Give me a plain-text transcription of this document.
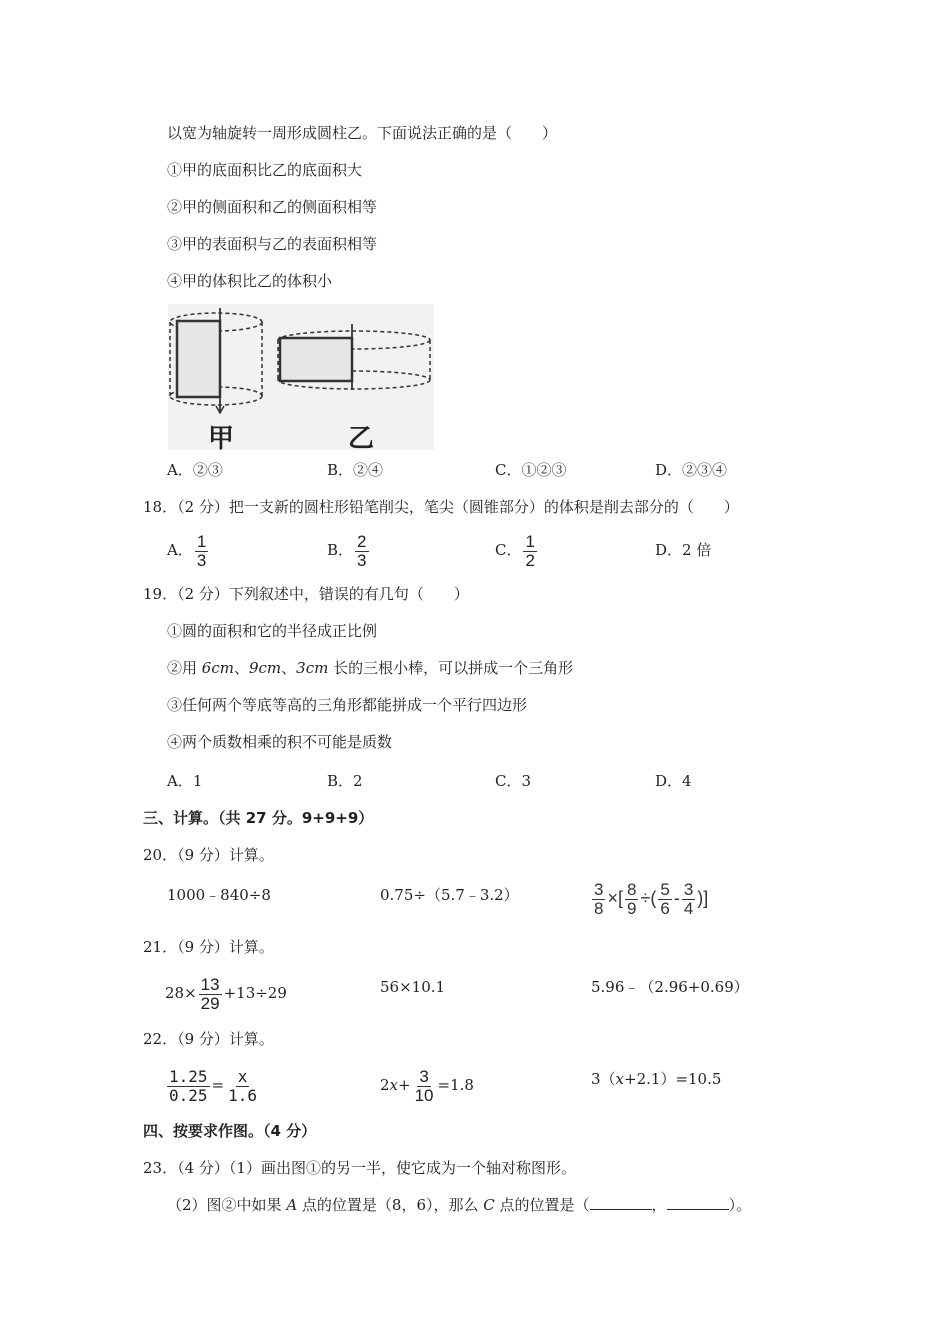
以宽为轴旋转一周形成圆柱乙。下面说法正确的是（　　）
①甲的底面积比乙的底面积大
②甲的侧面积和乙的侧面积相等
③甲的表面积与乙的表面积相等
④甲的体积比乙的体积小
甲	乙
A．②③	B．②④	C．①②③	D．②③④
18．（2 分）把一支新的圆柱形铅笔削尖，笔尖（圆锥部分）的体积是削去部分的（　　）
A． $\frac{1}{3}$	B． $\frac{2}{3}$	C． $\frac{1}{2}$	D．2 倍
19．（2 分）下列叙述中，错误的有几句（　　）
①圆的面积和它的半径成正比例
②用 6cm、9cm、3cm 长的三根小棒，可以拼成一个三角形
③任何两个等底等高的三角形都能拼成一个平行四边形
④两个质数相乘的积不可能是质数
A．1	B．2	C．3	D．4
三、计算。（共 27 分。9+9+9）
20．（9 分）计算。
1000﹣840÷8	0.75÷（5.7﹣3.2）	$\frac{3}{8}$ ×[ $\frac{8}{9}$ ÷( $\frac{5}{6} - \frac{3}{4}$ )]
21．（9 分）计算。
$28\times \frac{13}{29} +13\div 29$	56×10.1	5.96﹣（2.96+0.69）
22．（9 分）计算。
$\frac{1.25}{0.25} = \frac{x}{1.6}$	$2x+ \frac{3}{10} =1.8$	3（x+2.1）=10.5
四、按要求作图。（4 分）
23．（4 分）（1）画出图①的另一半，使它成为一个轴对称图形。
（2）图②中如果 A 点的位置是（8，6），那么 C 点的位置是（	，	）。
